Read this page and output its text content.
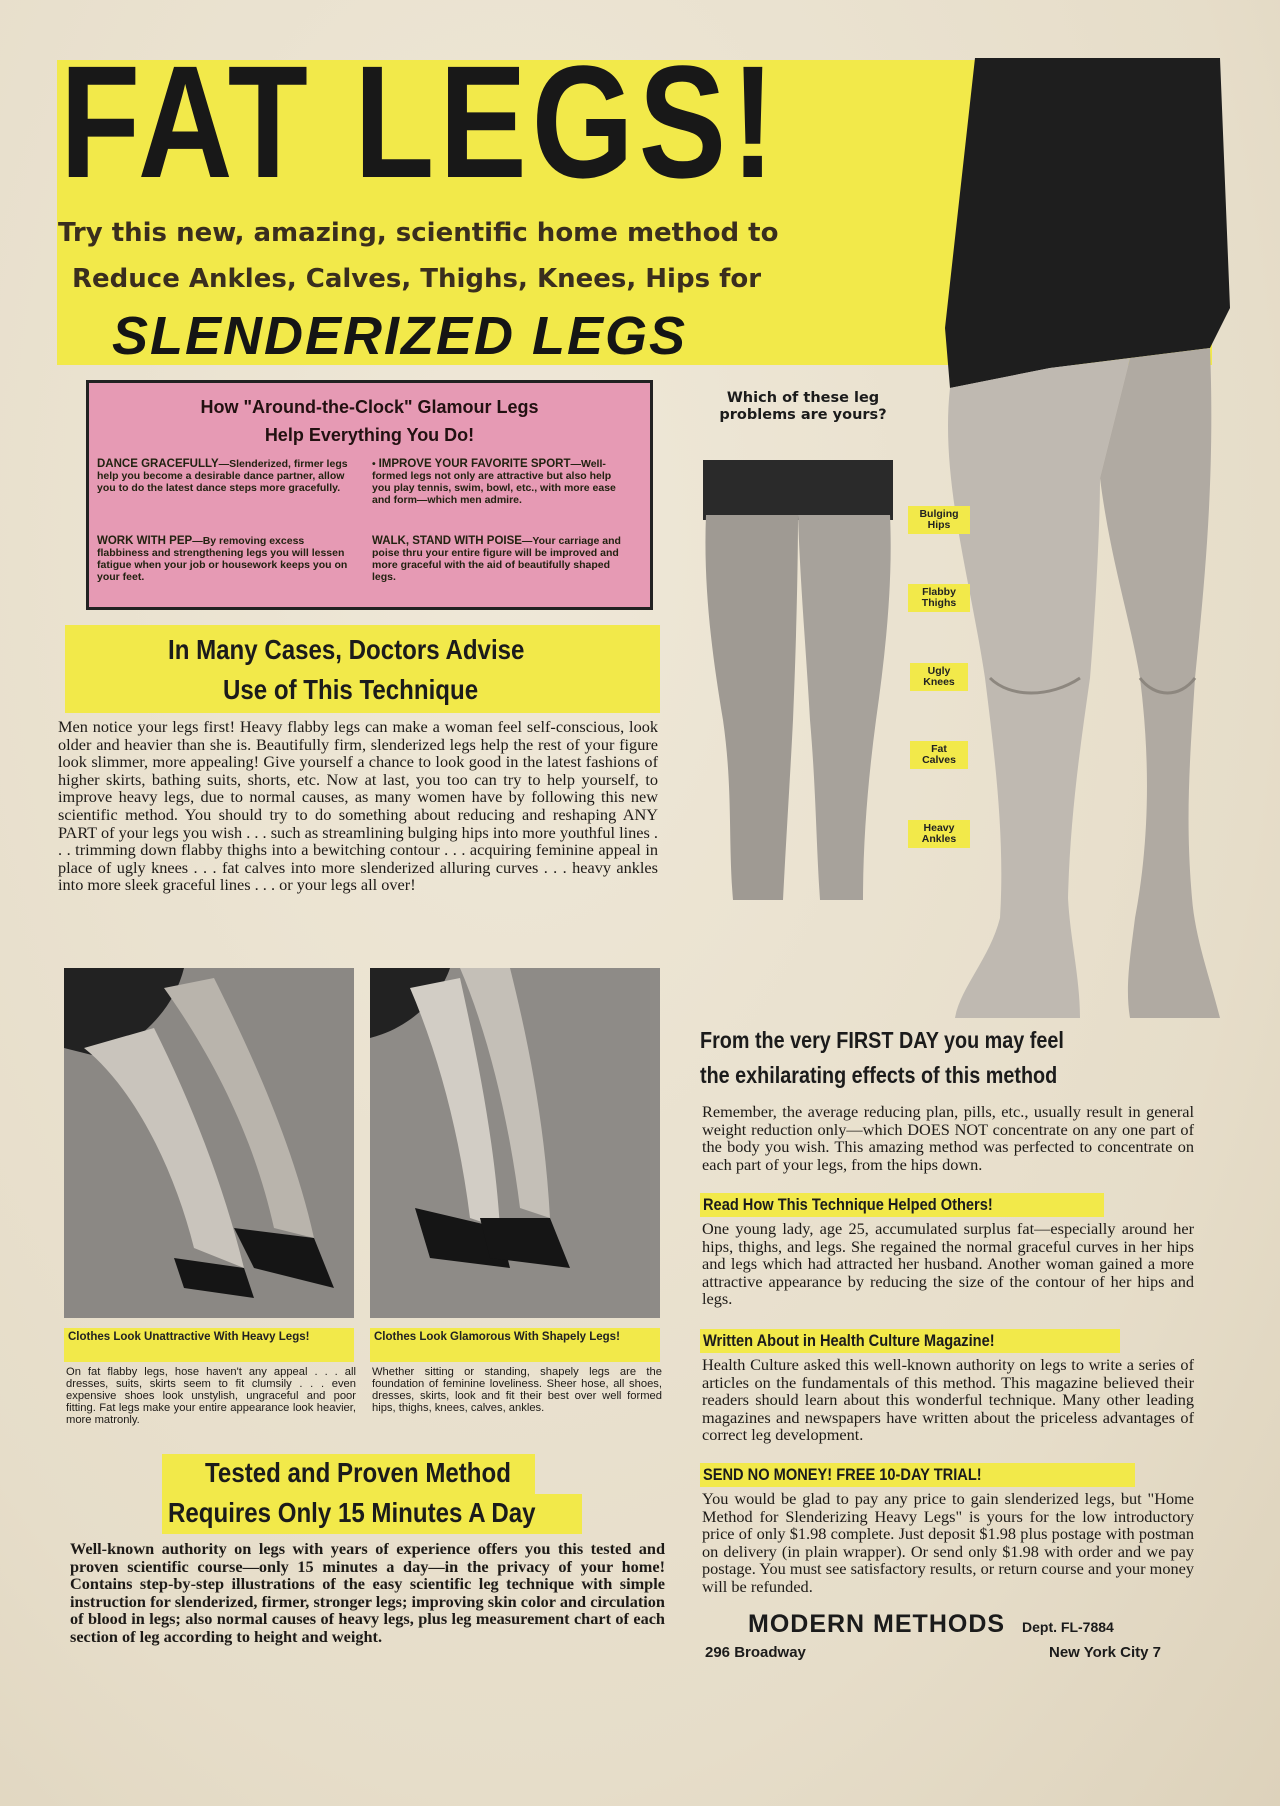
FAT LEGS!
Try this new, amazing, scientific home method to
Reduce Ankles, Calves, Thighs, Knees, Hips for
SLENDERIZED LEGS
How "Around-the-Clock" Glamour Legs
Help Everything You Do!
DANCE GRACEFULLY—Slenderized, firmer legs help you become a desirable dance partner, allow you to do the latest dance steps more gracefully.
• IMPROVE YOUR FAVORITE SPORT—Well-formed legs not only are attractive but also help you play tennis, swim, bowl, etc., with more ease and form—which men admire.
WORK WITH PEP—By removing excess flabbiness and strengthening legs you will lessen fatigue when your job or housework keeps you on your feet.
WALK, STAND WITH POISE—Your carriage and poise thru your entire figure will be improved and more graceful with the aid of beautifully shaped legs.
In Many Cases, Doctors Advise
Use of This Technique

Men notice your legs first! Heavy flabby legs can make a woman feel self-conscious, look older and heavier than she is. Beautifully firm, slenderized legs help the rest of your figure look slimmer, more appealing! Give yourself a chance to look good in the latest fashions of higher skirts, bathing suits, shorts, etc. Now at last, you too can try to help yourself, to improve heavy legs, due to normal causes, as many women have by following this new scientific method. You should try to do something about reducing and reshaping ANY PART of your legs you wish . . . such as streamlining bulging hips into more youthful lines . . . trimming down flabby thighs into a bewitching contour . . . acquiring feminine appeal in place of ugly knees . . . fat calves into more slenderized alluring curves . . . heavy ankles into more sleek graceful lines . . . or your legs all over!

Which of these leg problems are yours?
Bulging Hips
Flabby Thighs
Ugly Knees
Fat Calves
Heavy Ankles
Clothes Look Unattractive With Heavy Legs!

On fat flabby legs, hose haven't any appeal . . . all dresses, suits, skirts seem to fit clumsily . . . even expensive shoes look unstylish, ungraceful and poor fitting. Fat legs make your entire appearance look heavier, more matronly.

Clothes Look Glamorous With Shapely Legs!

Whether sitting or standing, shapely legs are the foundation of feminine loveliness. Sheer hose, all shoes, dresses, skirts, look and fit their best over well formed hips, thighs, knees, calves, ankles.

Tested and Proven Method
Requires Only 15 Minutes A Day

Well-known authority on legs with years of experience offers you this tested and proven scientific course—only 15 minutes a day—in the privacy of your home! Contains step-by-step illustrations of the easy scientific leg technique with simple instruction for slenderized, firmer, stronger legs; improving skin color and circulation of blood in legs; also normal causes of heavy legs, plus leg measurement chart of each section of leg according to height and weight.

From the very FIRST DAY you may feel
the exhilarating effects of this method

Remember, the average reducing plan, pills, etc., usually result in general weight reduction only—which DOES NOT concentrate on any one part of the body you wish. This amazing method was perfected to concentrate on each part of your legs, from the hips down.

Read How This Technique Helped Others!

One young lady, age 25, accumulated surplus fat—especially around her hips, thighs, and legs. She regained the normal graceful curves in her hips and legs which had attracted her husband. Another woman gained a more attractive appearance by reducing the size of the contour of her hips and legs.

Written About in Health Culture Magazine!

Health Culture asked this well-known authority on legs to write a series of articles on the fundamentals of this method. This magazine believed their readers should learn about this wonderful technique. Many other leading magazines and newspapers have written about the priceless advantages of correct leg development.

SEND NO MONEY! FREE 10-DAY TRIAL!

You would be glad to pay any price to gain slenderized legs, but "Home Method for Slenderizing Heavy Legs" is yours for the low introductory price of only $1.98 complete. Just deposit $1.98 plus postage with postman on delivery (in plain wrapper). Or send only $1.98 with order and we pay postage. You must see satisfactory results, or return course and your money will be refunded.

MODERN METHODS Dept. FL-7884
296 Broadway	New York City 7
